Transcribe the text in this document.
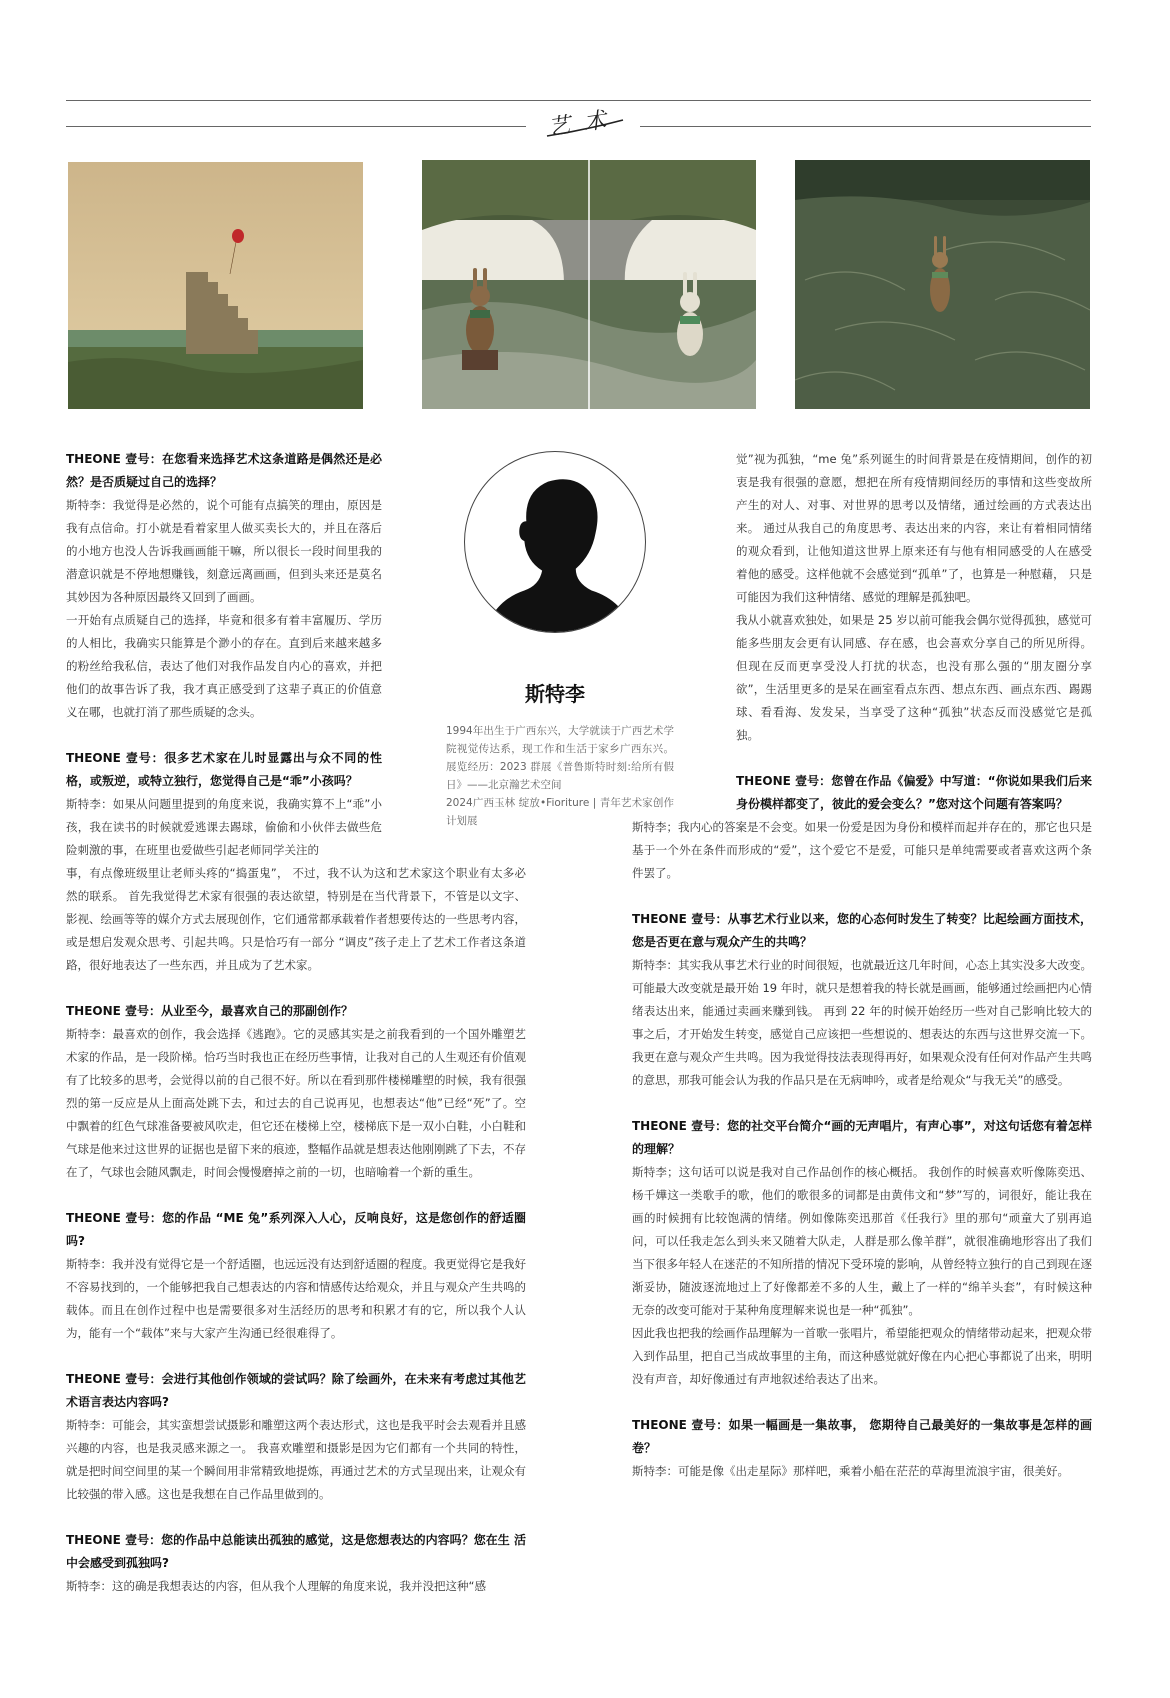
艺术
斯特李

1994年出生于广西东兴，大学就读于广西艺术学院视觉传达系，现工作和生活于家乡广西东兴。展览经历：2023 群展《普鲁斯特时刻:给所有假日》——北京瀚艺术空间

2024广西玉林 绽放•Fioriture | 青年艺术家创作计划展

THEONE 壹号：在您看来选择艺术这条道路是偶然还是必然？是否质疑过自己的选择？

斯特李：我觉得是必然的，说个可能有点搞笑的理由，原因是我有点信命。打小就是看着家里人做买卖长大的，并且在落后的小地方也没人告诉我画画能干嘛，所以很长一段时间里我的潜意识就是不停地想赚钱，刻意远离画画，但到头来还是莫名其妙因为各种原因最终又回到了画画。

一开始有点质疑自己的选择，毕竟和很多有着丰富履历、学历的人相比，我确实只能算是个渺小的存在。直到后来越来越多的粉丝给我私信，表达了他们对我作品发自内心的喜欢，并把他们的故事告诉了我，我才真正感受到了这辈子真正的价值意义在哪，也就打消了那些质疑的念头。

THEONE 壹号：很多艺术家在儿时显露出与众不同的性格，或叛逆，或特立独行，您觉得自己是“乖”小孩吗？

斯特李：如果从问题里提到的角度来说，我确实算不上“乖”小孩，我在读书的时候就爱逃课去踢球，偷偷和小伙伴去做些危险刺激的事，在班里也爱做些引起老师同学关注的

事，有点像班级里让老师头疼的“捣蛋鬼”， 不过，我不认为这和艺术家这个职业有太多必然的联系。 首先我觉得艺术家有很强的表达欲望，特别是在当代背景下，不管是以文字、影视、绘画等等的媒介方式去展现创作，它们通常都承载着作者想要传达的一些思考内容，或是想启发观众思考、引起共鸣。只是恰巧有一部分 “调皮”孩子走上了艺术工作者这条道路，很好地表达了一些东西，并且成为了艺术家。

THEONE 壹号：从业至今，最喜欢自己的那副创作？

斯特李：最喜欢的创作，我会选择《逃跑》。它的灵感其实是之前我看到的一个国外雕塑艺术家的作品，是一段阶梯。恰巧当时我也正在经历些事情，让我对自己的人生观还有价值观有了比较多的思考，会觉得以前的自己很不好。所以在看到那件楼梯雕塑的时候，我有很强烈的第一反应是从上面高处跳下去，和过去的自己说再见，也想表达“他”已经“死”了。空中飘着的红色气球准备要被风吹走，但它还在楼梯上空，楼梯底下是一双小白鞋，小白鞋和气球是他来过这世界的证据也是留下来的痕迹，整幅作品就是想表达他刚刚跳了下去，不存在了，气球也会随风飘走，时间会慢慢磨掉之前的一切，也暗喻着一个新的重生。

THEONE 壹号：您的作品 “ME 兔”系列深入人心，反响良好，这是您创作的舒适圈吗?

斯特李：我并没有觉得它是一个舒适圈，也远远没有达到舒适圈的程度。我更觉得它是我好不容易找到的，一个能够把我自己想表达的内容和情感传达给观众，并且与观众产生共鸣的载体。而且在创作过程中也是需要很多对生活经历的思考和积累才有的它，所以我个人认为，能有一个“载体”来与大家产生沟通已经很难得了。

THEONE 壹号：会进行其他创作领域的尝试吗？除了绘画外，在未来有考虑过其他艺术语言表达内容吗?

斯特李：可能会，其实蛮想尝试摄影和雕塑这两个表达形式，这也是我平时会去观看并且感兴趣的内容，也是我灵感来源之一。 我喜欢雕塑和摄影是因为它们都有一个共同的特性，就是把时间空间里的某一个瞬间用非常精致地提炼，再通过艺术的方式呈现出来，让观众有比较强的带入感。这也是我想在自己作品里做到的。

THEONE 壹号：您的作品中总能读出孤独的感觉，这是您想表达的内容吗？您在生 活中会感受到孤独吗?

斯特李：这的确是我想表达的内容，但从我个人理解的角度来说，我并没把这种“感

觉”视为孤独，“me 兔”系列诞生的时间背景是在疫情期间，创作的初衷是我有很强的意愿，想把在所有疫情期间经历的事情和这些变故所产生的对人、对事、对世界的思考以及情绪，通过绘画的方式表达出来。 通过从我自己的角度思考、表达出来的内容，来让有着相同情绪的观众看到，让他知道这世界上原来还有与他有相同感受的人在感受着他的感受。这样他就不会感觉到“孤单”了，也算是一种慰藉， 只是可能因为我们这种情绪、感觉的理解是孤独吧。

我从小就喜欢独处，如果是 25 岁以前可能我会偶尔觉得孤独，感觉可能多些朋友会更有认同感、存在感，也会喜欢分享自己的所见所得。 但现在反而更享受没人打扰的状态，也没有那么强的“朋友圈分享欲”，生活里更多的是呆在画室看点东西、想点东西、画点东西、踢踢球、看看海、发发呆，当享受了这种“孤独”状态反而没感觉它是孤独。

THEONE 壹号：您曾在作品《偏爱》中写道：“你说如果我们后来身份模样都变了，彼此的爱会变么？”您对这个问题有答案吗？

斯特李；我内心的答案是不会变。如果一份爱是因为身份和模样而起并存在的，那它也只是基于一个外在条件而形成的“爱”，这个爱它不是爱，可能只是单纯需要或者喜欢这两个条件罢了。

THEONE 壹号：从事艺术行业以来，您的心态何时发生了转变？比起绘画方面技术，您是否更在意与观众产生的共鸣？

斯特李：其实我从事艺术行业的时间很短，也就最近这几年时间，心态上其实没多大改变。可能最大改变就是最开始 19 年时，就只是想着我的特长就是画画，能够通过绘画把内心情绪表达出来，能通过卖画来赚到钱。 再到 22 年的时候开始经历一些对自己影响比较大的事之后，才开始发生转变，感觉自己应该把一些想说的、想表达的东西与这世界交流一下。

我更在意与观众产生共鸣。因为我觉得技法表现得再好，如果观众没有任何对作品产生共鸣的意思，那我可能会认为我的作品只是在无病呻吟，或者是给观众“与我无关”的感受。

THEONE 壹号：您的社交平台简介“画的无声唱片，有声心事”，对这句话您有着怎样的理解？

斯特李；这句话可以说是我对自己作品创作的核心概括。 我创作的时候喜欢听像陈奕迅、杨千嬅这一类歌手的歌，他们的歌很多的词都是由黄伟文和“梦”写的，词很好，能让我在画的时候拥有比较饱满的情绪。例如像陈奕迅那首《任我行》里的那句“顽童大了别再追问，可以任我走怎么到头来又随着大队走，人群是那么像羊群”，就很准确地形容出了我们当下很多年轻人在迷茫的不知所措的情况下受环境的影响，从曾经特立独行的自己到现在逐渐妥协，随波逐流地过上了好像都差不多的人生，戴上了一样的“绵羊头套”，有时候这种无奈的改变可能对于某种角度理解来说也是一种“孤独”。

因此我也把我的绘画作品理解为一首歌一张唱片，希望能把观众的情绪带动起来，把观众带入到作品里，把自己当成故事里的主角，而这种感觉就好像在内心把心事都说了出来，明明没有声音，却好像通过有声地叙述给表达了出来。

THEONE 壹号：如果一幅画是一集故事， 您期待自己最美好的一集故事是怎样的画卷？

斯特李：可能是像《出走星际》那样吧，乘着小船在茫茫的草海里流浪宇宙，很美好。
